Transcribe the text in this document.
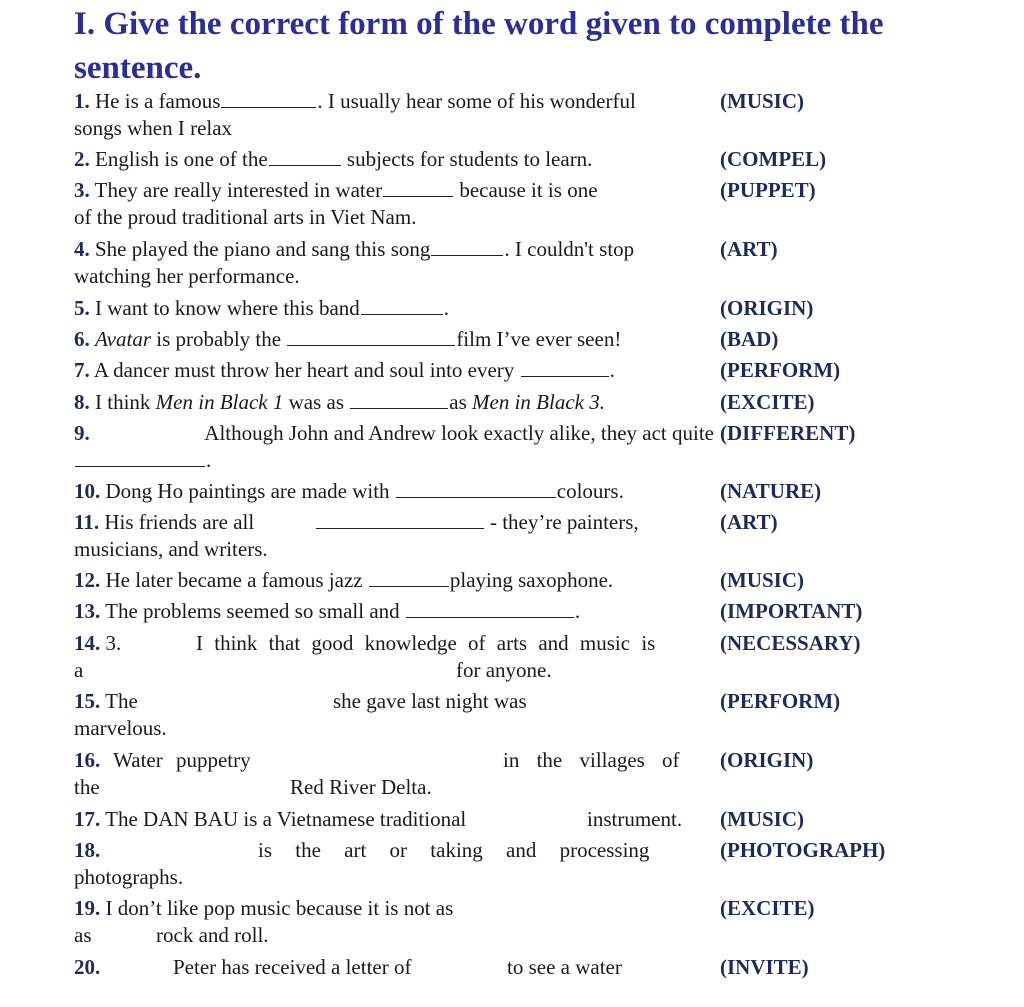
I. Give the correct form of the word given to complete the sentence.
1. He is a famous	. I usually hear some of his wonderful	(MUSIC)
songs when I relax
2. English is one of the	subjects for students to learn.	(COMPEL)
3. They are really interested in water	because it is one	(PUPPET)
of the proud traditional arts in Viet Nam.
4. She played the piano and sang this song	. I couldn't stop	(ART)
watching her performance.
5. I want to know where this band	.	(ORIGIN)
6. Avatar is probably the	film I’ve ever seen!	(BAD)
7. A dancer must throw her heart and soul into every	.	(PERFORM)
8. I think Men in Black 1 was as	as Men in Black 3.	(EXCITE)
9.	Although John and Andrew look exactly alike, they act quite (DIFFERENT)
.
10. Dong Ho paintings are made with	colours.	(NATURE)
11. His friends are all	- they’re painters,	(ART)
musicians, and writers.
12. He later became a famous jazz	playing saxophone.	(MUSIC)
13. The problems seemed so small and	.	(IMPORTANT)
14. 3.	I think that good knowledge of arts and music is	(NECESSARY)
a	for anyone.
15. The	she gave last night was	(PERFORM)
marvelous.
16. Water puppetry	in the villages of (ORIGIN)
the	Red River Delta.
17. The DAN BAU is a Vietnamese traditional	instrument. (MUSIC)
18.	is the art or taking and processing	(PHOTOGRAPH)
photographs.
19. I don’t like pop music because it is not as	(EXCITE)
as	rock and roll.
20.	Peter has received a letter of	to see a water	(INVITE)
